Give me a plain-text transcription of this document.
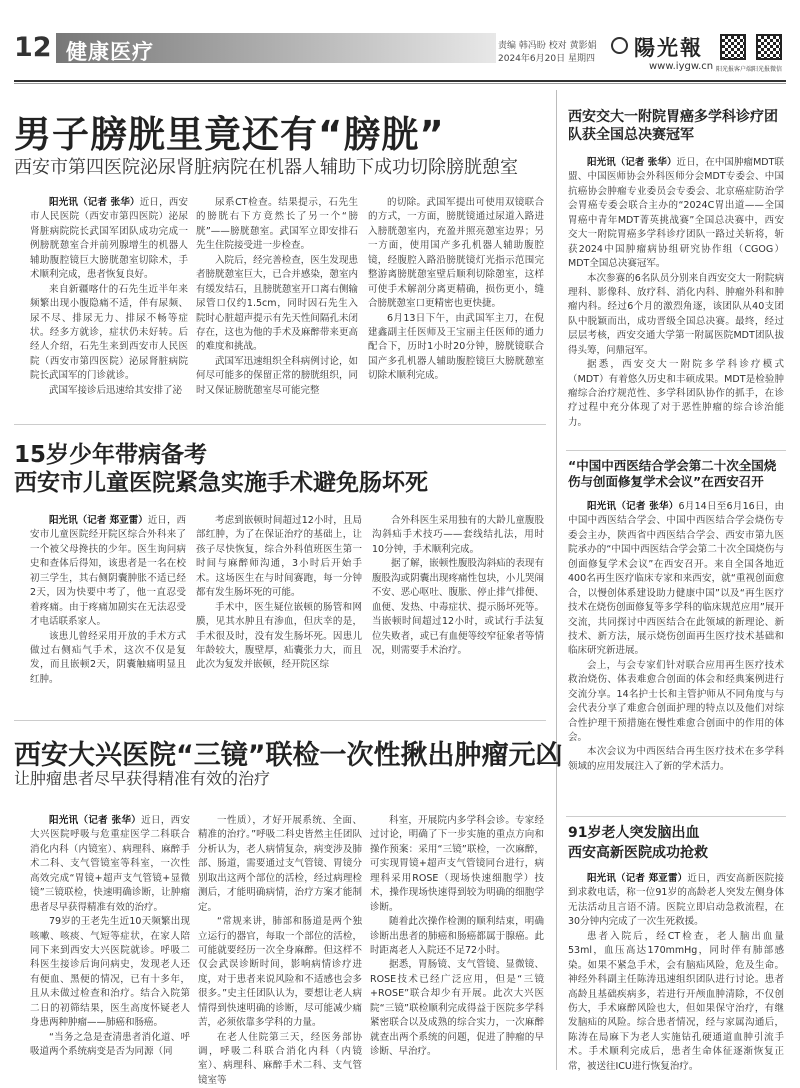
12 健康医疗	责编 韩冯盼 校对 黄影娟
2024年6月20日 星期四 陽光報
www.iygw.cn 阳光报客户端 阳光报微信
男子膀胱里竟还有“膀胱”
西安市第四医院泌尿肾脏病院在机器人辅助下成功切除膀胱憩室

阳光讯（记者 张华）近日，西安市人民医院（西安市第四医院）泌尿肾脏病院院长武国军团队成功完成一例膀胱憩室合并前列腺增生的机器人辅助腹腔镜巨大膀胱憩室切除术，手术顺利完成，患者恢复良好。

来自新疆喀什的石先生近半年来频繁出现小腹隐痛不适，伴有尿频、尿不尽、排尿无力、排尿不畅等症状。经多方就诊，症状仍未好转。后经人介绍，石先生来到西安市人民医院（西安市第四医院）泌尿肾脏病院院长武国军的门诊就诊。

武国军接诊后迅速给其安排了泌

尿系CT检查。结果提示，石先生的膀胱右下方竟然长了另一个“膀胱”——膀胱憩室。武国军立即安排石先生住院接受进一步检查。

入院后，经完善检查，医生发现患者膀胱憩室巨大，已合并感染，憩室内有缓发结石，且膀胱憩室开口离右侧输尿管口仅约1.5cm，同时因石先生入院时心脏超声提示有先天性间隔孔未闭存在，这也为他的手术及麻醉带来更高的难度和挑战。

武国军迅速组织全科病例讨论，如何尽可能多的保留正常的膀胱组织，同时又保证膀胱憩室尽可能完整

的切除。武国军提出可使用双镜联合的方式，一方面，膀胱镜通过尿道入路进入膀胱憩室内，充盈并照亮憩室边界；另一方面，使用国产多孔机器人辅助腹腔镜，经腹腔入路沿膀胱镜灯光指示范围完整游离膀胱憩室壁后顺利切除憩室，这样可使手术解剖分离更精确，损伤更小，缝合膀胱憩室口更精密也更快捷。

6月13日下午，由武国军主刀，在倪建鑫副主任医师及王宝丽主任医师的通力配合下，历时1小时20分钟，膀胱镜联合国产多孔机器人辅助腹腔镜巨大膀胱憩室切除术顺利完成。

15岁少年带病备考
西安市儿童医院紧急实施手术避免肠坏死

阳光讯（记者 郑亚雷）近日，西安市儿童医院经开院区综合外科来了一个被父母搀扶的少年。医生询问病史和查体后得知，该患者是一名在校初三学生，其右侧阴囊肿胀不适已经2天，因为快要中考了，他一直忍受着疼痛。由于疼痛加剧实在无法忍受才电话联系家人。

该患儿曾经采用开放的手术方式做过右侧疝气手术，这次不仅是复发，而且嵌顿2天，阴囊触痛明显且红肿。

考虑到嵌顿时间超过12小时，且局部红肿，为了在保证治疗的基础上，让孩子尽快恢复，综合外科值班医生第一时间与麻醉师沟通，3小时后开始手术。这场医生在与时间赛跑，每一分钟都有发生肠坏死的可能。

手术中，医生疑位嵌顿的肠管和网膜，见其水肿且有渗血，但庆幸的是，手术很及时，没有发生肠坏死。因患儿年龄较大，腹壁厚，疝囊张力大，而且此次为复发并嵌顿，经开院区综

合外科医生采用独有的大龄儿童腹股沟斜疝手术技巧——套线结扎法，用时10分钟，手术顺利完成。

据了解，嵌顿性腹股沟斜疝的表现有腹股沟或阴囊出现疼痛性包块，小儿哭闹不安、恶心呕吐、腹胀、停止排气排便、血便、发热、中毒症状、提示肠坏死等。当嵌顿时间超过12小时，或试行手法复位失败者，或已有血便等绞窄征象者等情况，则需要手术治疗。

西安大兴医院“三镜”联检一次性揪出肿瘤元凶
让肿瘤患者尽早获得精准有效的治疗

阳光讯（记者 张华）近日，西安大兴医院呼吸与危重症医学二科联合消化内科（内镜室）、病理科、麻醉手术二科、支气管镜室等科室，一次性高效完成“胃镜+超声支气管镜+显微镜”三镜联检，快速明确诊断，让肿瘤患者尽早获得精准有效的治疗。

79岁的王老先生近10天频繁出现咳嗽、咳痰、气短等症状，在家人陪同下来到西安大兴医院就诊。呼吸二科医生接诊后询问病史，发现老人还有便血、黑便的情况，已有十多年，且从未做过检查和治疗。结合入院第二日的初筛结果，医生高度怀疑老人身患两种肿瘤——肺癌和肠癌。

“当务之急是查清患者消化道、呼吸道两个系统病变是否为同源（同

一性质），才好开展系统、全面、精准的治疗。”呼吸二科史皆然主任团队分析认为，老人病情复杂，病变涉及肺部、肠道，需要通过支气管镜、胃镜分别取出这两个部位的活检，经过病理检测后，才能明确病情，治疗方案才能制定。

“常规来讲，肺部和肠道是两个独立运行的器官，每取一个部位的活检，可能就要经历一次全身麻醉。但这样不仅会武误诊断时间，影响病情诊疗进度，对于患者来说风险和不适感也会多很多。”史主任团队认为，要想让老人病情得到快速明确的诊断，尽可能减少痛苦，必须依靠多学科的力量。

在老人住院第三天，经医务部协调，呼吸二科联合消化内科（内镜室）、病理科、麻醉手术二科、支气管镜室等

科室，开展院内多学科会诊。专家经过讨论，明确了下一步实施的重点方向和操作预案：采用“三镜”联检，一次麻醉，可实现胃镜+超声支气管镜同台进行，病理科采用ROSE（现场快速细胞学）技术，操作现场快速得到较为明确的细胞学诊断。

随着此次操作检测的顺利结束，明确诊断出患者的肺癌和肠癌都属于腺癌。此时距离老人入院还不足72小时。

据悉，胃肠镜、支气管镜、显微镜、ROSE技术已经广泛应用，但是“三镜+ROSE”联合却少有开展。此次大兴医院“三镜”联检顺利完成得益于医院多学科紧密联合以及成熟的综合实力，一次麻醉就查出两个系统的问题，促进了肿瘤的早诊断、早治疗。

西安交大一附院胃癌多学科诊疗团队获全国总决赛冠军

阳光讯（记者 张华）近日，在中国肿瘤MDT联盟、中国医师协会外科医师分会MDT专委会、中国抗癌协会肿瘤专业委员会专委会、北京癌症防治学会胃癌专委会联合主办的“2024C胃出道——全国胃癌中青年MDT菁英挑战赛”全国总决赛中，西安交大一附院胃癌多学科诊疗团队一路过关斩将，斩获2024中国肿瘤病协组研究协作组（CGOG）MDT全国总决赛冠军。

本次参赛的6名队员分别来自西安交大一附院病理科、影像科、放疗科、消化内科、肿瘤外科和肿瘤内科。经过6个月的激烈角逐，该团队从40支团队中脱颖而出，成功晋级全国总决赛。最终，经过层层考核，西安交通大学第一附属医院MDT团队拔得头筹，问鼎冠军。

据悉，西安交大一附院多学科诊疗模式（MDT）有着悠久历史和丰硕成果。MDT是检验肿瘤综合治疗规范性、多学科团队协作的抓手，在诊疗过程中充分体现了对于恶性肿瘤的综合诊治能力。

“中国中西医结合学会第二十次全国烧伤与创面修复学术会议”在西安召开

阳光讯（记者 张华）6月14日至6月16日，由中国中西医结合学会、中国中西医结合学会烧伤专委会主办，陕西省中西医结合学会、西安市第九医院承办的“中国中西医结合学会第二十次全国烧伤与创面修复学术会议”在西安召开。来自全国各地近400名再生医疗临床专家和来西安，就“重视创面愈合，以慢创体系建设助力健康中国”以及“再生医疗技术在烧伤创面修复等多学科的临床规范应用”展开交流，共同探讨中西医结合在此领域的新理论、新技术、新方法，展示烧伤创面再生医疗技术基础和临床研究新进展。

会上，与会专家们针对联合应用再生医疗技术救治烧伤、体表难愈合创面的体会和经典案例进行交流分享。14名护士长和主管护师从不同角度与与会代表分享了难愈合创面护理的特点以及他们对综合性护理干预措施在慢性难愈合创面中的作用的体会。

本次会议为中西医结合再生医疗技术在多学科领域的应用发展注入了新的学术活力。

91岁老人突发脑出血
西安高新医院成功抢救

阳光讯（记者 郑亚雷）近日，西安高新医院接到求救电话，称一位91岁的高龄老人突发左侧身体无法活动且言语不清。医院立即启动急救流程，在30分钟内完成了一次生死救援。

患者入院后，经CT检查，老人脑出血量53ml，血压高达170mmHg，同时伴有肺部感染。如果不紧急手术，会有脑疝风险，危及生命。神经外科副主任陈涛迅速组织团队进行讨论。患者高龄且基础疾病多，若进行开颅血肿清除，不仅创伤大，手术麻醉风险也大，但如果保守治疗，有继发脑疝的风险。综合患者情况，经与家属沟通后，陈涛在局麻下为老人实施钻孔硬通道血肿引流手术。手术顺利完成后，患者生命体征逐渐恢复正常，被送往ICU进行恢复治疗。
